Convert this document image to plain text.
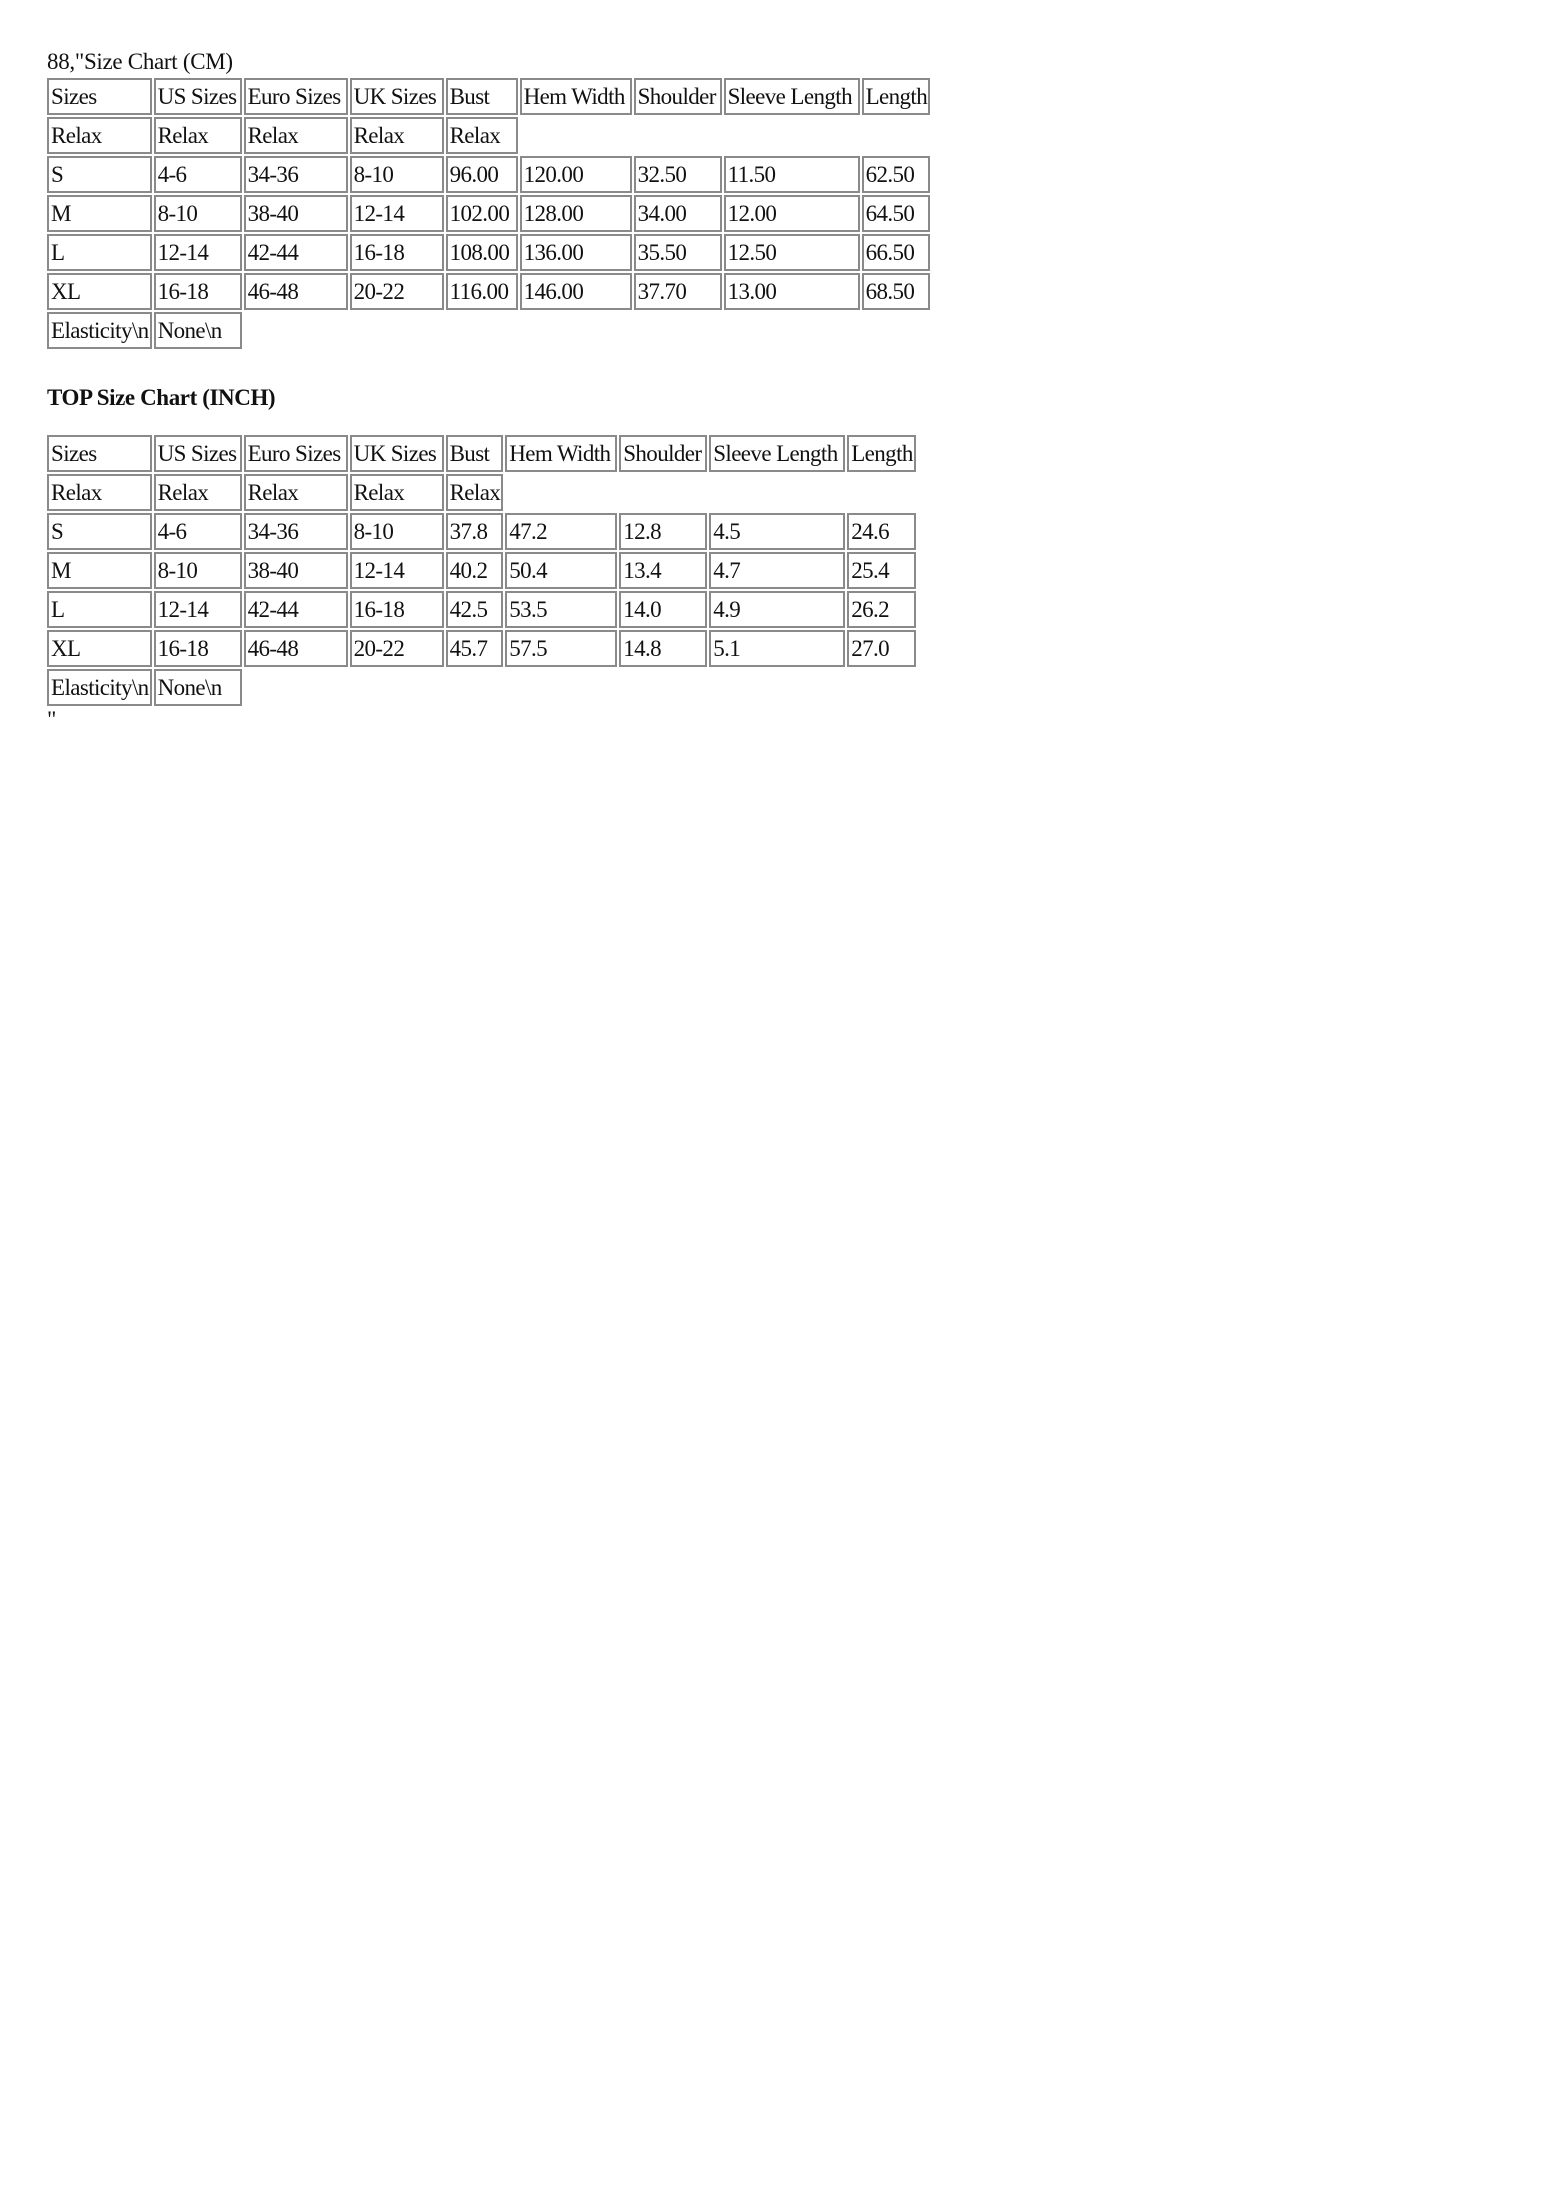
88,"Size Chart (CM)
Sizes	US Sizes	Euro Sizes	UK Sizes	Bust	Hem Width	Shoulder	Sleeve Length	Length
Relax	Relax	Relax	Relax	Relax				
S	4-6	34-36	8-10	96.00	120.00	32.50	11.50	62.50
M	8-10	38-40	12-14	102.00	128.00	34.00	12.00	64.50
L	12-14	42-44	16-18	108.00	136.00	35.50	12.50	66.50
XL	16-18	46-48	20-22	116.00	146.00	37.70	13.00	68.50
Elasticity\n	None\n							
TOP Size Chart (INCH)
Sizes	US Sizes	Euro Sizes	UK Sizes	Bust	Hem Width	Shoulder	Sleeve Length	Length
Relax	Relax	Relax	Relax	Relax				
S	4-6	34-36	8-10	37.8	47.2	12.8	4.5	24.6
M	8-10	38-40	12-14	40.2	50.4	13.4	4.7	25.4
L	12-14	42-44	16-18	42.5	53.5	14.0	4.9	26.2
XL	16-18	46-48	20-22	45.7	57.5	14.8	5.1	27.0
Elasticity\n	None\n							
"
